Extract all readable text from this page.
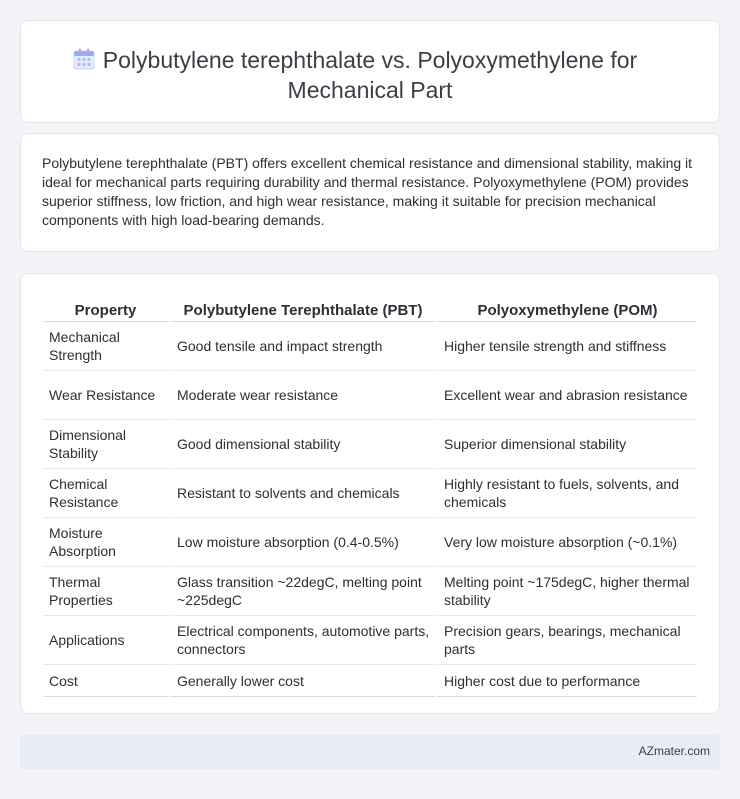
Polybutylene terephthalate vs. Polyoxymethylene for
Mechanical Part

Polybutylene terephthalate (PBT) offers excellent chemical resistance and dimensional stability, making it ideal for mechanical parts requiring durability and thermal resistance. Polyoxymethylene (POM) provides superior stiffness, low friction, and high wear resistance, making it suitable for precision mechanical components with high load-bearing demands.

Property	Polybutylene Terephthalate (PBT)	Polyoxymethylene (POM)
Mechanical Strength	Good tensile and impact strength	Higher tensile strength and stiffness
Wear Resistance	Moderate wear resistance	Excellent wear and abrasion resistance
Dimensional Stability	Good dimensional stability	Superior dimensional stability
Chemical Resistance	Resistant to solvents and chemicals	Highly resistant to fuels, solvents, and chemicals
Moisture Absorption	Low moisture absorption (0.4-0.5%)	Very low moisture absorption (~0.1%)
Thermal Properties	Glass transition ~22degC, melting point ~225degC	Melting point ~175degC, higher thermal stability
Applications	Electrical components, automotive parts, connectors	Precision gears, bearings, mechanical parts
Cost	Generally lower cost	Higher cost due to performance
AZmater.com
